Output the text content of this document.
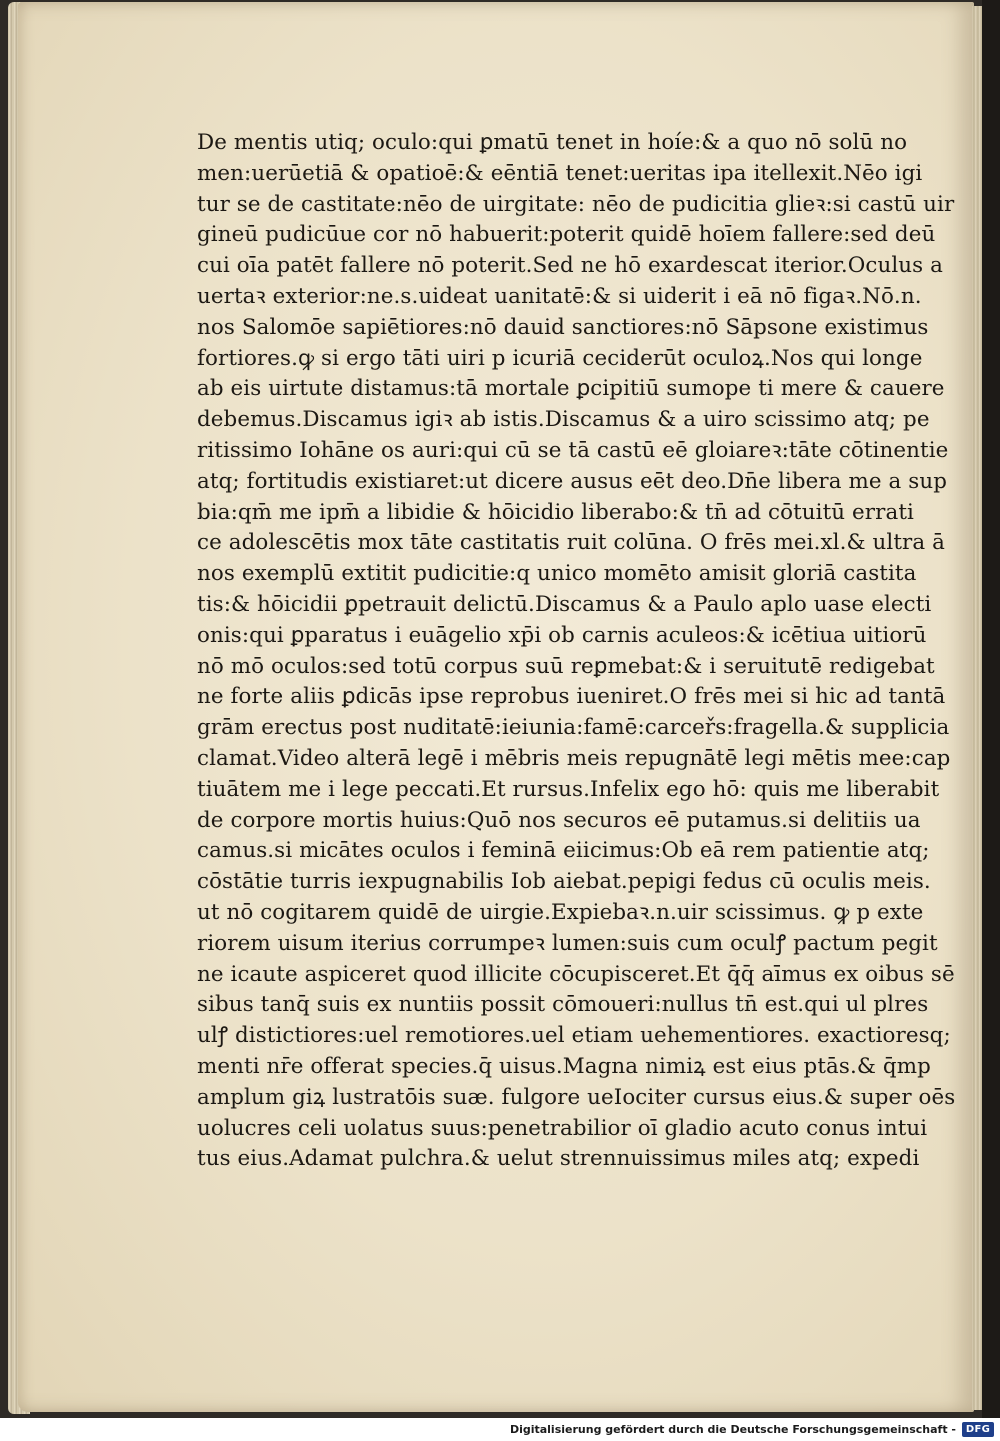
De mentis utiq; oculo:qui ꝑmatū tenet in hoíe:& a quo nō solū no
men:uerūetiā & opatioē:& eēntiā tenet:ueritas ipa itellexit.Nēo igi
tur se de castitate:nēo de uirgitate: nēo de pudicitia glieꝛ:si castū uir
gineū pudicūue cor nō habuerit:poterit quidē hoīem fallere:sed deū
cui oīa patēt fallere nō poterit.Sed ne hō exardescat iterior.Oculus a
uertaꝛ exterior:ne.s.uideat uanitatē:& si uiderit i eā nō figaꝛ.Nō.n.
nos Salomōe sapiētiores:nō dauid sanctiores:nō Sāpsone existimus
fortiores.ꝙ si ergo tāti uiri p icuriā ceciderūt oculoꝝ.Nos qui longe
ab eis uirtute distamus:tā mortale ꝑcipitiū sumope ti mere & cauere
debemus.Discamus igiꝛ ab istis.Discamus & a uiro scissimo atq; pe
ritissimo Iohāne os auri:qui cū se tā castū eē gloiareꝛ:tāte cōtinentie
atq; fortitudis existiaret:ut dicere ausus eēt deo.Dn̄e libera me a sup
bia:qm̄ me ipm̄ a libidie & hōicidio liberabo:& tn̄ ad cōtuitū errati
ce adolescētis mox tāte castitatis ruit colūna. O frēs mei.xl.& ultra ā
nos exemplū extitit pudicitie:q unico momēto amisit gloriā castita
tis:& hōicidii ꝑpetrauit delictū.Discamus & a Paulo aplo uase electi
onis:qui ꝑparatus i euāgelio xp̄i ob carnis aculeos:& icētiua uitiorū
nō mō oculos:sed totū corpus suū reꝑmebat:& i seruitutē redigebat
ne forte aliis ꝑdicās ipse reprobus iueniret.O frēs mei si hic ad tantā
grām erectus post nuditatē:ieiunia:famē:carceřs:fragella.& supplicia
clamat.Video alterā legē i mēbris meis repugnātē legi mētis mee:cap
tiuātem me i lege peccati.Et rursus.Infelix ego hō: quis me liberabit
de corpore mortis huius:Quō nos securos eē putamus.si delitiis ua
camus.si micātes oculos i feminā eiicimus:Ob eā rem patientie atq;
cōstātie turris iexpugnabilis Iob aiebat.pepigi fedus cū oculis meis.
ut nō cogitarem quidē de uirgie.Expiebaꝛ.n.uir scissimus. ꝙ p exte
riorem uisum iterius corrumpeꝛ lumen:suis cum oculꝭ pactum pegit
ne icaute aspiceret quod illicite cōcupisceret.Et q̄q̄ aīmus ex oibus sē
sibus tanq̄ suis ex nuntiis possit cōmoueri:nullus tn̄ est.qui ul plres
ulꝭ distictiores:uel remotiores.uel etiam uehementiores. exactioresq;
menti nr̄e offerat species.q̄ uisus.Magna nimiꝝ est eius ptās.& q̄mp
amplum giꝝ lustratōis suæ. fulgore ueIociter cursus eius.& super oēs
uolucres celi uolatus suus:penetrabilior oī gladio acuto conus intui
tus eius.Adamat pulchra.& uelut strennuissimus miles atq; expedi
Digitalisierung gefördert durch die Deutsche Forschungsgemeinschaft - DFG
